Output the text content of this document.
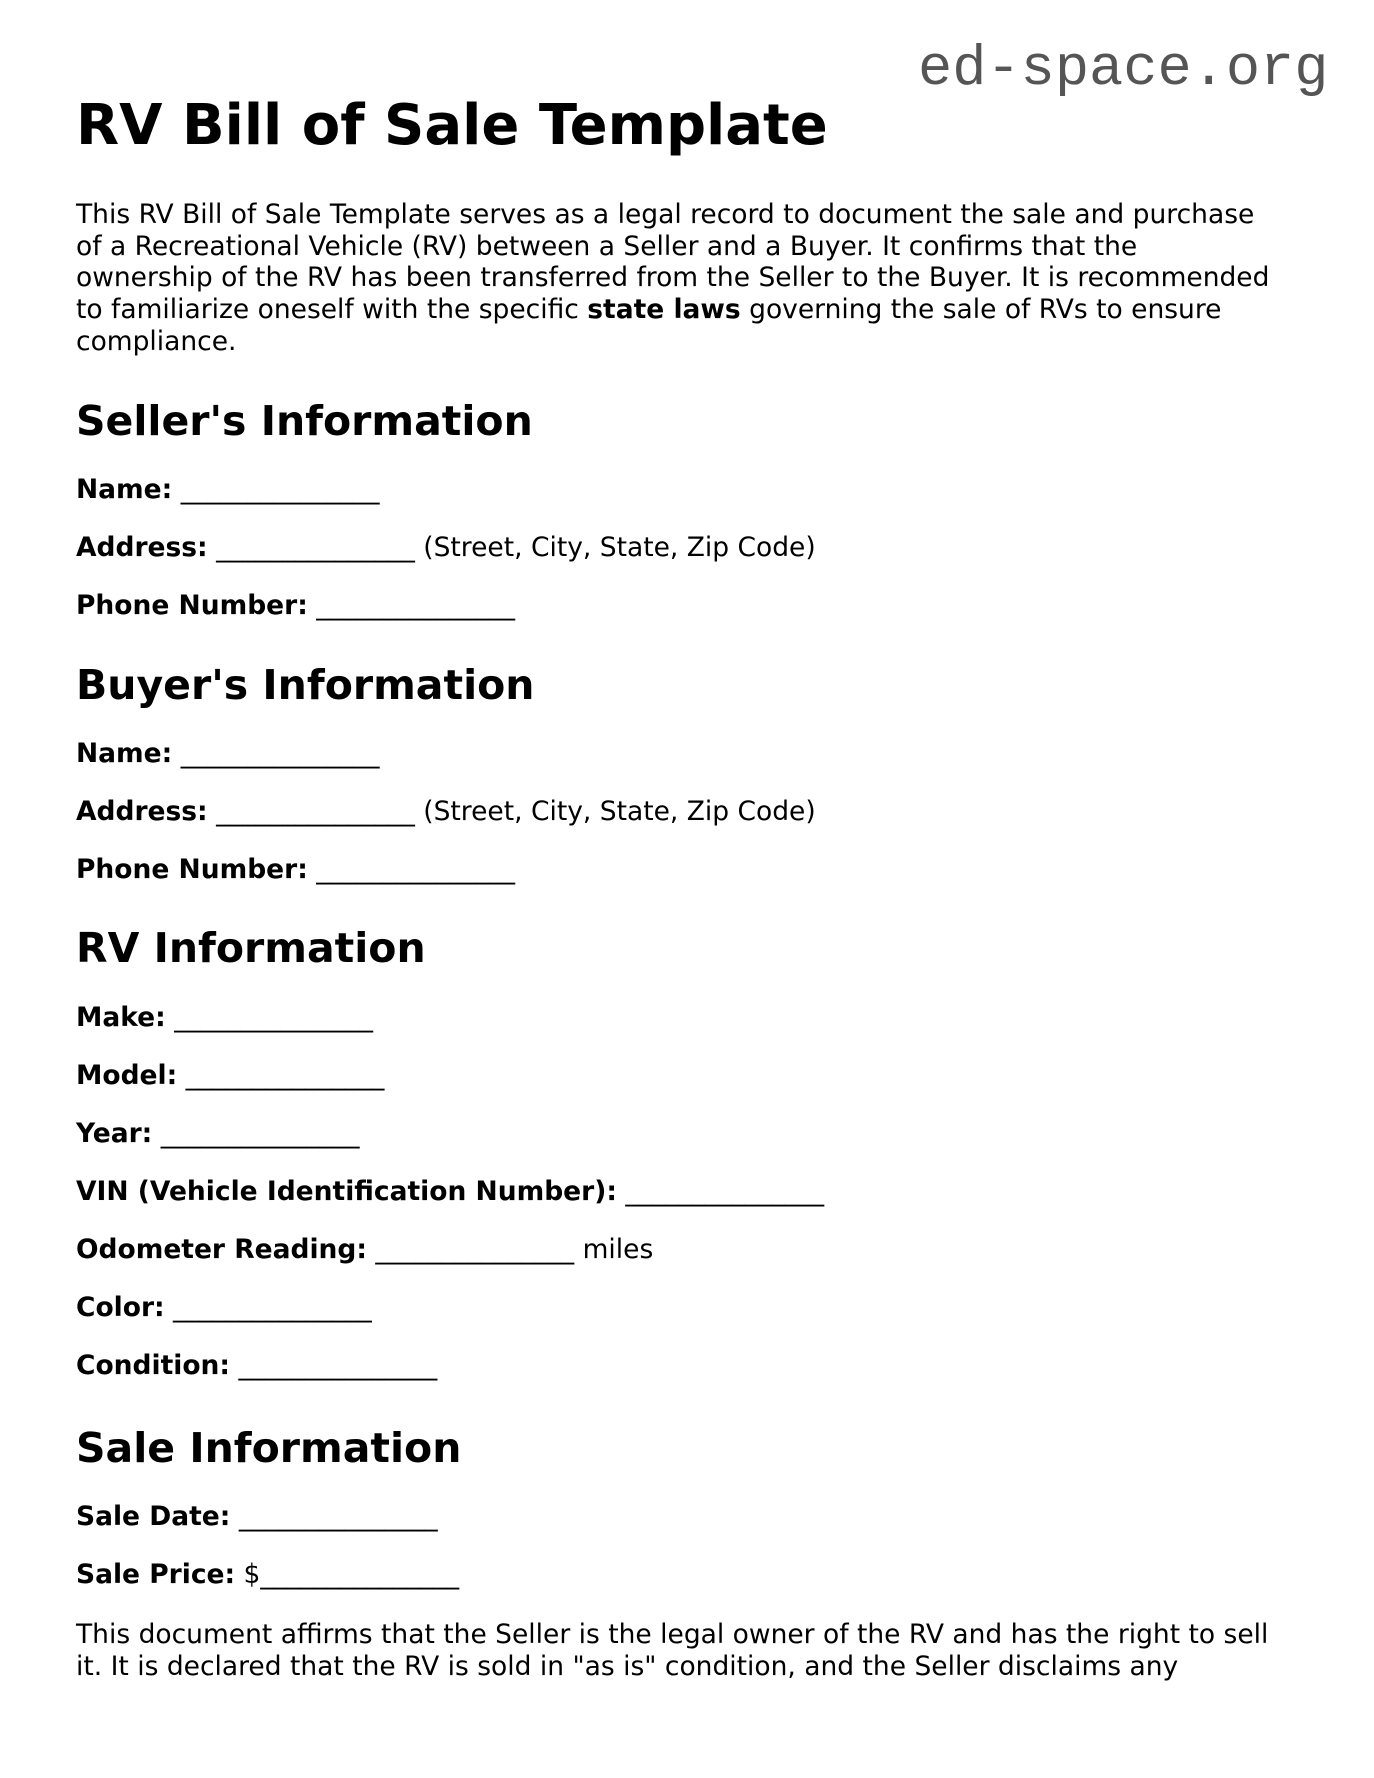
ed-space.org
RV Bill of Sale Template
This RV Bill of Sale Template serves as a legal record to document the sale and purchase
of a Recreational Vehicle (RV) between a Seller and a Buyer. It confirms that the
ownership of the RV has been transferred from the Seller to the Buyer. It is recommended
to familiarize oneself with the specific state laws governing the sale of RVs to ensure
compliance.
Seller's Information
Name: _______________
Address: _______________ (Street, City, State, Zip Code)
Phone Number: _______________
Buyer's Information
Name: _______________
Address: _______________ (Street, City, State, Zip Code)
Phone Number: _______________
RV Information
Make: _______________
Model: _______________
Year: _______________
VIN (Vehicle Identification Number): _______________
Odometer Reading: _______________ miles
Color: _______________
Condition: _______________
Sale Information
Sale Date: _______________
Sale Price: $_______________
This document affirms that the Seller is the legal owner of the RV and has the right to sell
it. It is declared that the RV is sold in "as is" condition, and the Seller disclaims any
